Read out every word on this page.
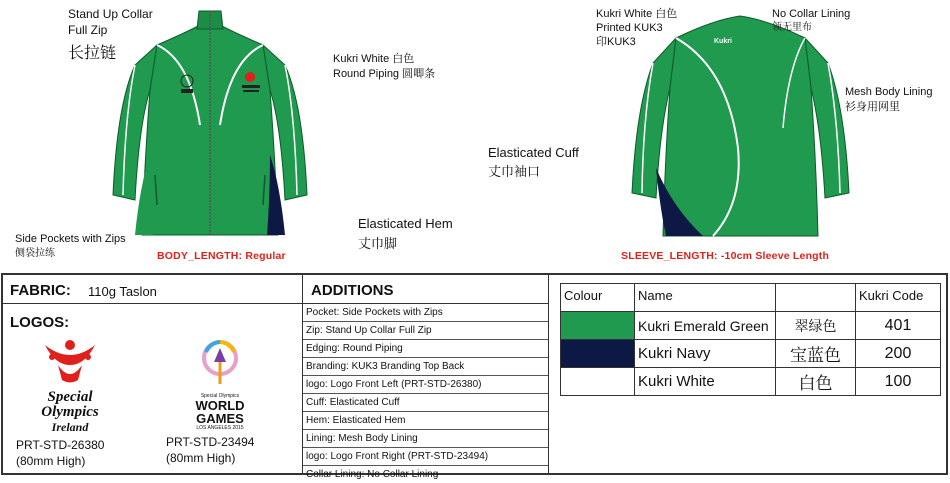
Stand Up Collar
Full Zip
长拉链	Kukri White 白色
Round Piping 圆唧条
Side Pockets with Zips
侧袋拉练
Elasticated Hem
丈巾脚
BODY_LENGTH: Regular
Kukri
Kukri White 白色
Printed KUK3
印KUK3
No Collar Lining
领无里布
Mesh Body Lining
衫身用网里
Elasticated Cuff
丈巾袖口
SLEEVE_LENGTH: -10cm Sleeve Length
FABRIC: 110g Taslon
LOGOS:
Special
Olympics
Ireland
PRT-STD-26380
(80mm High)
Special Olympics
WORLD
GAMES
LOS ANGELES 2015
PRT-STD-23494
(80mm High)
ADDITIONS
Pocket: Side Pockets with Zips
Zip: Stand Up Collar Full Zip
Edging: Round Piping
Branding: KUK3 Branding Top Back
logo: Logo Front Left (PRT-STD-26380)
Cuff: Elasticated Cuff
Hem: Elasticated Hem
Lining: Mesh Body Lining
logo: Logo Front Right (PRT-STD-23494)
Collar Lining: No Collar Lining
Colour	Name		Kukri Code
	Kukri Emerald Green	翠绿色	401
	Kukri Navy	宝蓝色	200
	Kukri White	白色	100
